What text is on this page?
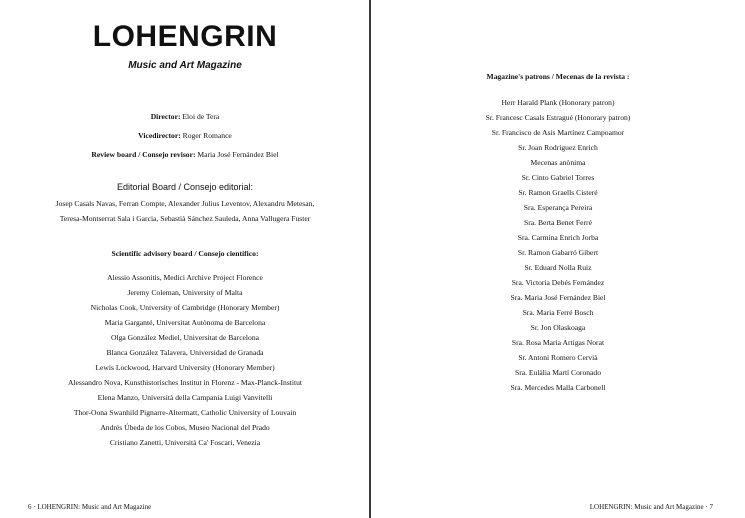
LOHENGRIN
Music and Art Magazine
Director: Eloi de Tera
Vicedirector: Roger Romance
Review board / Consejo revisor: Maria José Fernández Biel
Editorial Board / Consejo editorial:
Josep Casals Navas, Ferran Compte, Alexander Julius Leventov, Alexandru Metesan,
Teresa-Montserrat Sala i Garcia, Sebastià Sánchez Sauleda, Anna Vallugera Fuster
Scientific advisory board / Consejo científico:
Alessio Assonitis, Medici Archive Project Florence
Jeremy Coleman, University of Malta
Nicholas Cook, University of Cambridge (Honorary Member)
Maria Garganté, Universitat Autònoma de Barcelona
Olga González Mediel, Universitat de Barcelona
Blanca González Talavera, Universidad de Granada
Lewis Lockwood, Harvard University (Honorary Member)
Alessandro Nova, Kunsthistorisches Institut in Florenz - Max-Planck-Institut
Elena Manzo, Università della Campania Luigi Vanvitelli
Thor-Oona Swanhild Pignarre-Altermatt, Catholic University of Louvain
Andrés Úbeda de los Cobos, Museo Nacional del Prado
Cristiano Zanetti, Università Ca' Foscari, Venezia
6 · LOHENGRIN: Music and Art Magazine
Magazine's patrons / Mecenas de la revista :
Herr Harald Plank (Honorary patron)
Sr. Francesc Casals Estragué (Honorary patron)
Sr. Francisco de Asís Martínez Campoamor
Sr. Joan Rodriguez Enrich
Mecenas anònima
Sr. Cinto Gabriel Torres
Sr. Ramon Graells Cisteré
Sra. Esperança Pereira
Sra. Berta Benet Ferré
Sra. Carmina Enrich Jorba
Sr. Ramon Gabarró Gibert
Sr. Eduard Nolla Ruiz
Sra. Victoria Debés Fernández
Sra. Maria José Fernández Biel
Sra. Maria Ferré Bosch
Sr. Jon Olaskoaga
Sra. Rosa Maria Artigas Norat
Sr. Antoni Romero Cervià
Sra. Eulàlia Martí Coronado
Sra. Mercedes Malla Carbonell
LOHENGRIN: Music and Art Magazine · 7
